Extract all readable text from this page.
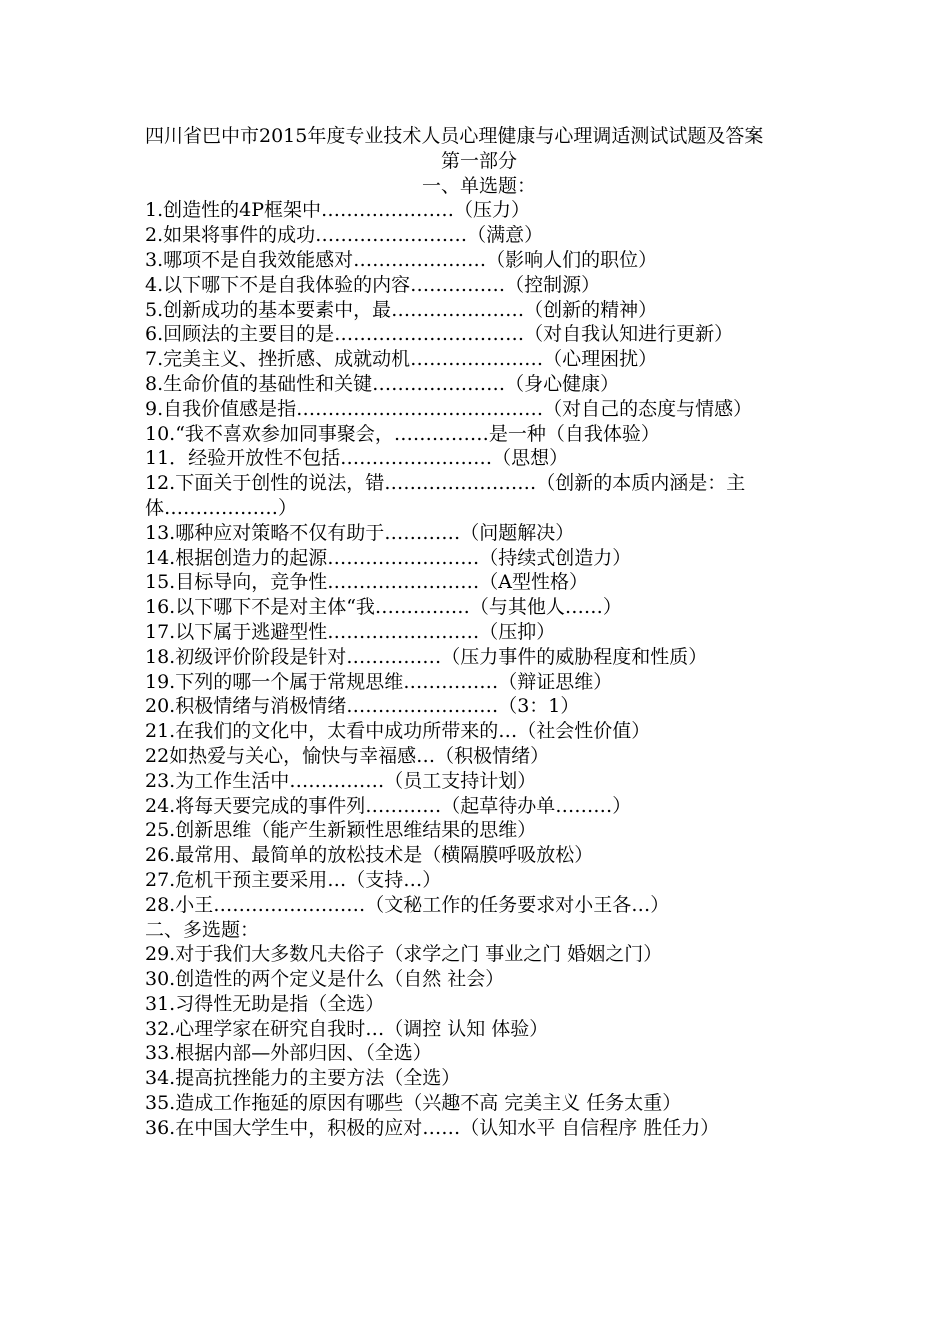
四川省巴中市2015年度专业技术人员心理健康与心理调适测试试题及答案

第一部分

一、单选题：

1.创造性的4P框架中…………………（压力）
2.如果将事件的成功……………………（满意）
3.哪项不是自我效能感对…………………（影响人们的职位）
4.以下哪下不是自我体验的内容……………（控制源）
5.创新成功的基本要素中，最…………………（创新的精神）
6.回顾法的主要目的是…………………………（对自我认知进行更新）
7.完美主义、挫折感、成就动机…………………（心理困扰）
8.生命价值的基础性和关键…………………（身心健康）
9.自我价值感是指…………………………………（对自己的态度与情感）
10.“我不喜欢参加同事聚会，……………是一种（自我体验）
11．经验开放性不包括……………………（思想）
12.下面关于创性的说法，错……………………（创新的本质内涵是：主体………………）
13.哪种应对策略不仅有助于…………（问题解决）
14.根据创造力的起源……………………（持续式创造力）
15.目标导向，竞争性……………………（A型性格）
16.以下哪下不是对主体“我……………（与其他人……）
17.以下属于逃避型性……………………（压抑）
18.初级评价阶段是针对……………（压力事件的威胁程度和性质）
19.下列的哪一个属于常规思维……………（辩证思维）
20.积极情绪与消极情绪……………………（3：1）
21.在我们的文化中，太看中成功所带来的…（社会性价值）
22如热爱与关心，愉快与幸福感…（积极情绪）
23.为工作生活中……………（员工支持计划）
24.将每天要完成的事件列…………（起草待办单………）
25.创新思维（能产生新颖性思维结果的思维）
26.最常用、最简单的放松技术是（横隔膜呼吸放松）
27.危机干预主要采用…（支持…）
28.小王……………………（文秘工作的任务要求对小王各…）

二、多选题：

29.对于我们大多数凡夫俗子（求学之门 事业之门 婚姻之门）
30.创造性的两个定义是什么（自然 社会）
31.习得性无助是指（全选）
32.心理学家在研究自我时…（调控 认知 体验）
33.根据内部—外部归因、（全选）
34.提高抗挫能力的主要方法（全选）
35.造成工作拖延的原因有哪些（兴趣不高 完美主义 任务太重）
36.在中国大学生中，积极的应对……（认知水平 自信程序 胜任力）
